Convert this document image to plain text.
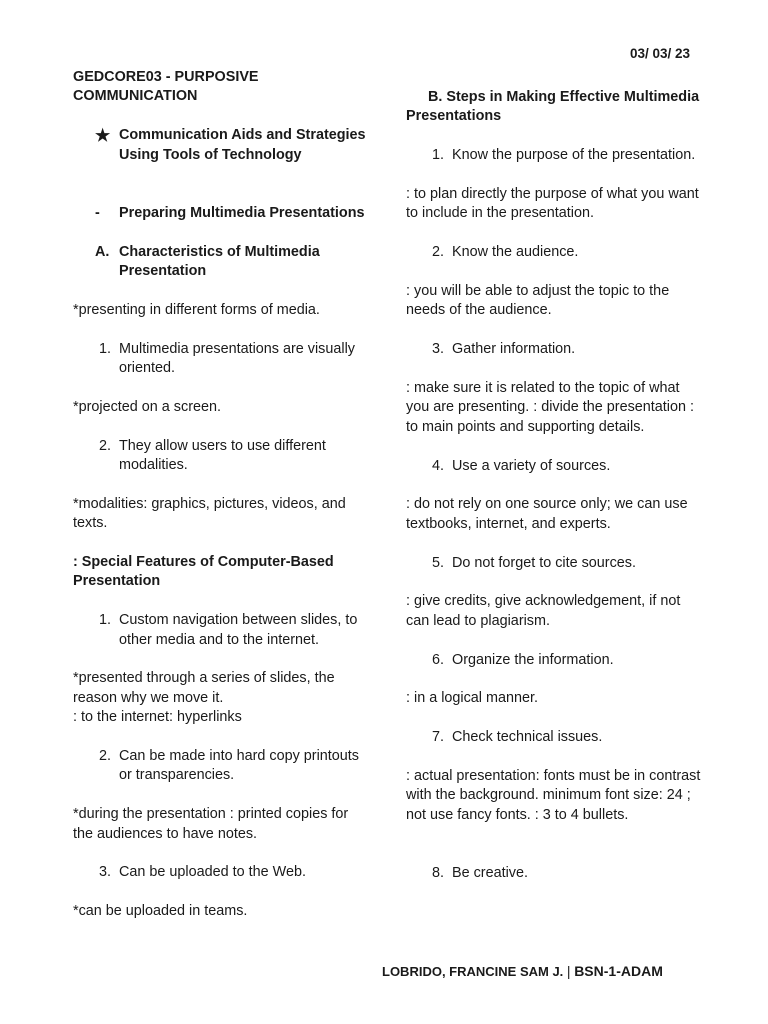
03/ 03/ 23
GEDCORE03 - PURPOSIVE
COMMUNICATION
★ Communication Aids and Strategies Using Tools of Technology
-	Preparing Multimedia Presentations
A. Characteristics of Multimedia Presentation
*presenting in different forms of media.
1. Multimedia presentations are visually oriented.
*projected on a screen.
2. They allow users to use different modalities.
*modalities: graphics, pictures, videos, and texts.
: Special Features of Computer-Based Presentation
1. Custom navigation between slides, to other media and to the internet.
*presented through a series of slides, the reason why we move it.
: to the internet: hyperlinks
2. Can be made into hard copy printouts or transparencies.
*during the presentation : printed copies for the audiences to have notes.
3. Can be uploaded to the Web.
*can be uploaded in teams.
B. Steps in Making Effective Multimedia Presentations
1. Know the purpose of the presentation.
: to plan directly the purpose of what you want to include in the presentation.
2. Know the audience.
: you will be able to adjust the topic to the needs of the audience.
3. Gather information.
: make sure it is related to the topic of what you are presenting. : divide the presentation : to main points and supporting details.
4. Use a variety of sources.
: do not rely on one source only; we can use textbooks, internet, and experts.
5. Do not forget to cite sources.
: give credits, give acknowledgement, if not can lead to plagiarism.
6. Organize the information.
: in a logical manner.
7. Check technical issues.
: actual presentation: fonts must be in contrast with the background. minimum font size: 24 ; not use fancy fonts. : 3 to 4 bullets.
8. Be creative.
LOBRIDO, FRANCINE SAM J. | BSN-1-ADAM
